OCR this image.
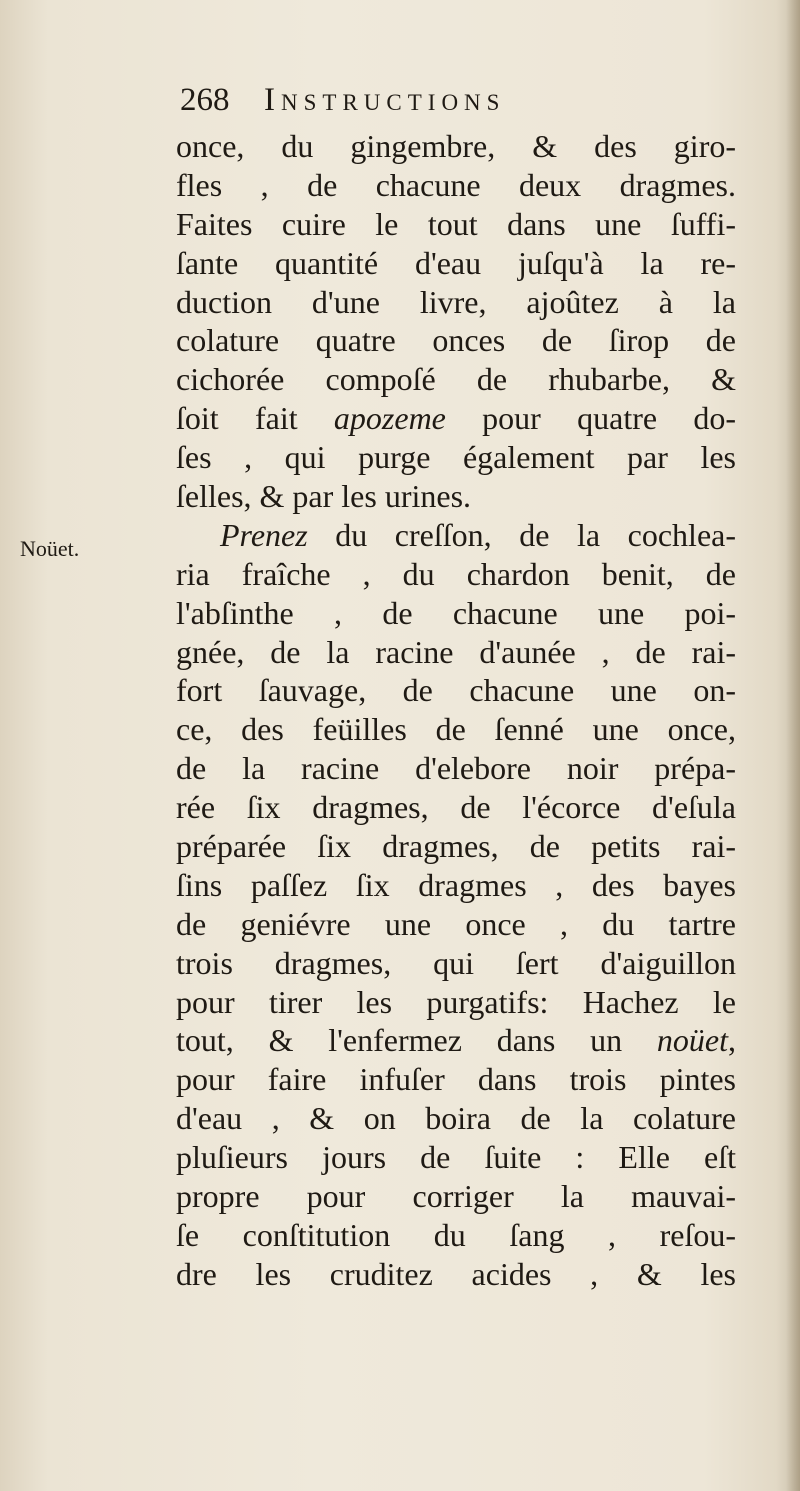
268 Instructions
Noüet.
once, du gingembre, & des giro-
fles , de chacune deux dragmes.
Faites cuire le tout dans une ſuffi-
ſante quantité d'eau juſqu'à la re-
duction d'une livre, ajoûtez à la
colature quatre onces de ſirop de
cichorée compoſé de rhubarbe, &
ſoit fait apozeme pour quatre do-
ſes , qui purge également par les
ſelles, & par les urines.
Prenez du creſſon, de la cochlea-
ria fraîche , du chardon benit, de
l'abſinthe , de chacune une poi-
gnée, de la racine d'aunée , de rai-
fort ſauvage, de chacune une on-
ce, des feüilles de ſenné une once,
de la racine d'elebore noir prépa-
rée ſix dragmes, de l'écorce d'eſula
préparée ſix dragmes, de petits rai-
ſins paſſez ſix dragmes , des bayes
de geniévre une once , du tartre
trois dragmes, qui ſert d'aiguillon
pour tirer les purgatifs: Hachez le
tout, & l'enfermez dans un noüet,
pour faire infuſer dans trois pintes
d'eau , & on boira de la colature
pluſieurs jours de ſuite : Elle eſt
propre pour corriger la mauvai-
ſe conſtitution du ſang , reſou-
dre les cruditez acides , & les
